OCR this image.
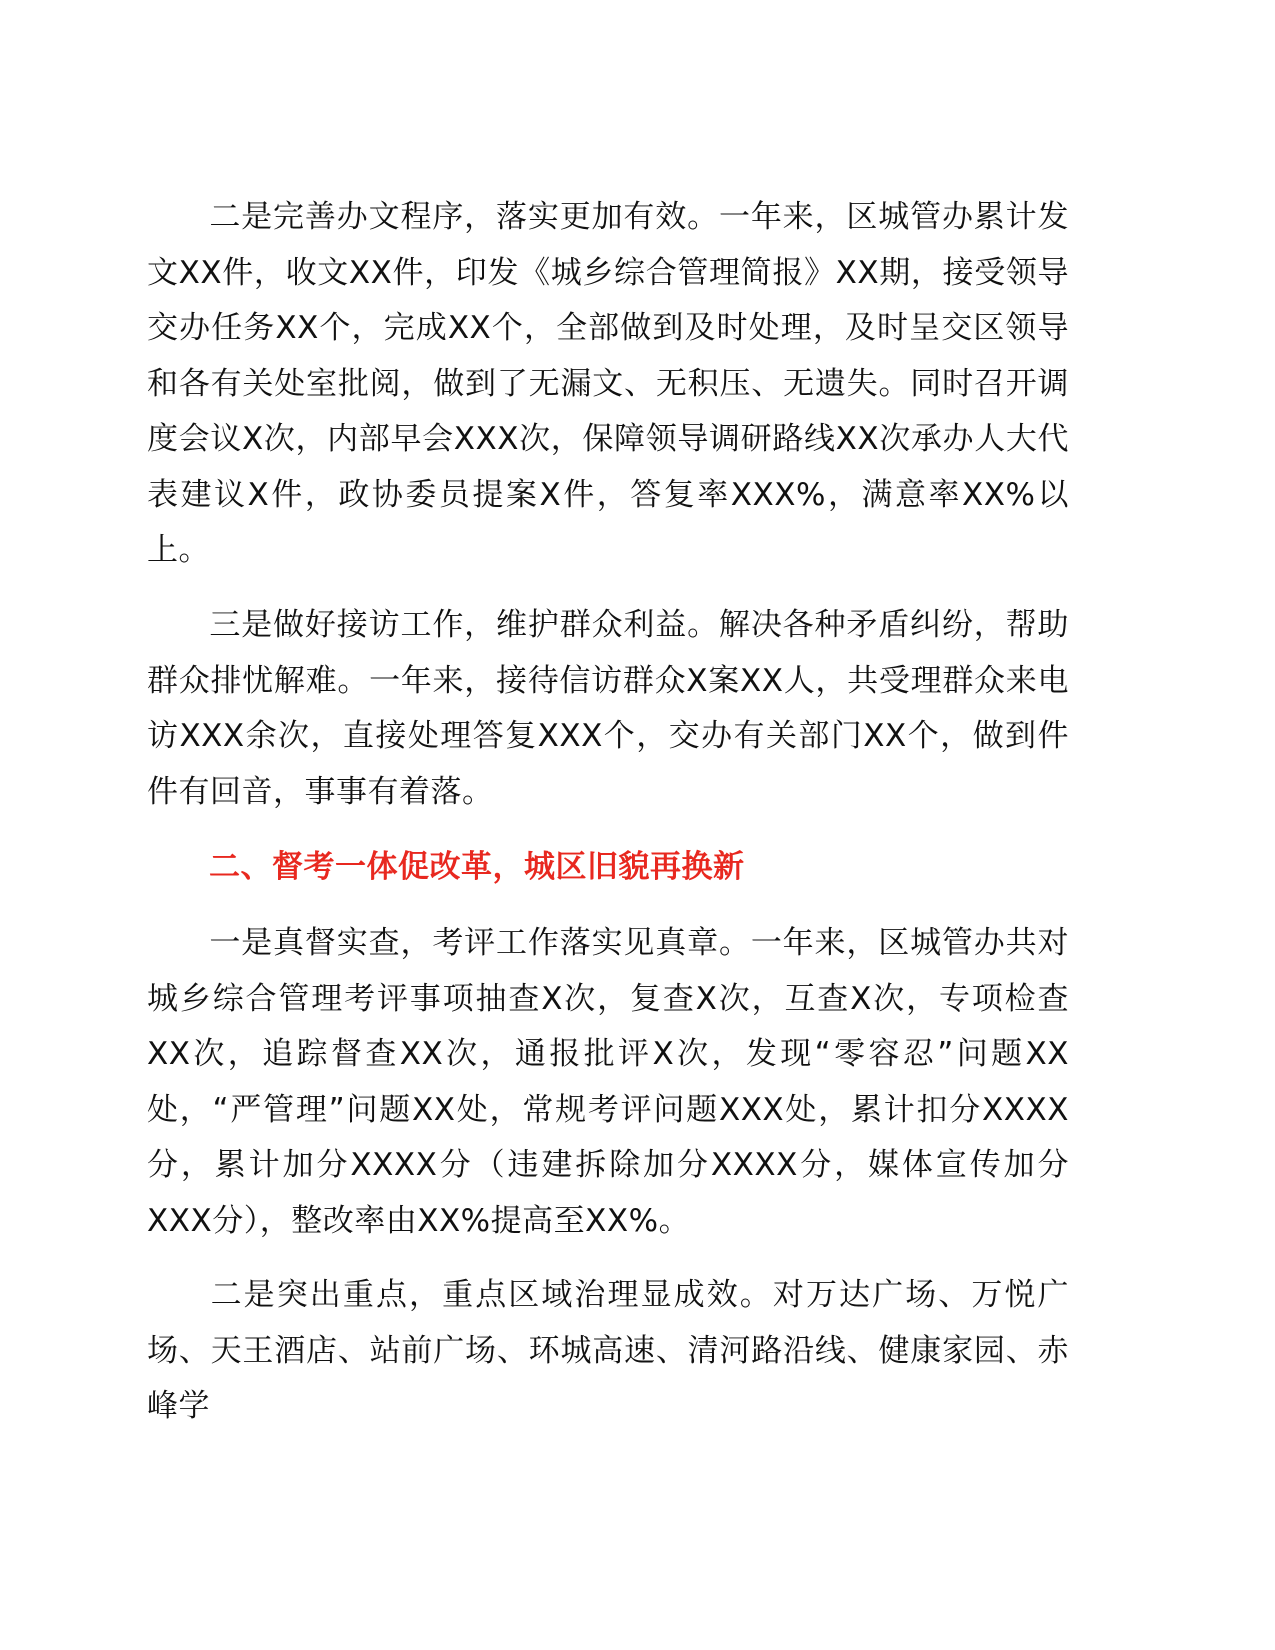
二是完善办文程序，落实更加有效。一年来，区城管办累计发文XX件，收文XX件，印发《城乡综合管理简报》XX期，接受领导交办任务XX个，完成XX个，全部做到及时处理，及时呈交区领导和各有关处室批阅，做到了无漏文、无积压、无遗失。同时召开调度会议X次，内部早会XXX次，保障领导调研路线XX次承办人大代表建议X件，政协委员提案X件，答复率XXX%，满意率XX%以上。

三是做好接访工作，维护群众利益。解决各种矛盾纠纷，帮助群众排忧解难。一年来，接待信访群众X案XX人，共受理群众来电访XXX余次，直接处理答复XXX个，交办有关部门XX个，做到件件有回音，事事有着落。

二、督考一体促改革，城区旧貌再换新

一是真督实查，考评工作落实见真章。一年来，区城管办共对城乡综合管理考评事项抽查X次，复查X次，互查X次，专项检查XX次，追踪督查XX次，通报批评X次，发现“零容忍”问题XX处，“严管理”问题XX处，常规考评问题XXX处，累计扣分XXXX分，累计加分XXXX分（违建拆除加分XXXX分，媒体宣传加分XXX分），整改率由XX%提高至XX%。

二是突出重点，重点区域治理显成效。对万达广场、万悦广场、天王酒店、站前广场、环城高速、清河路沿线、健康家园、赤峰学
